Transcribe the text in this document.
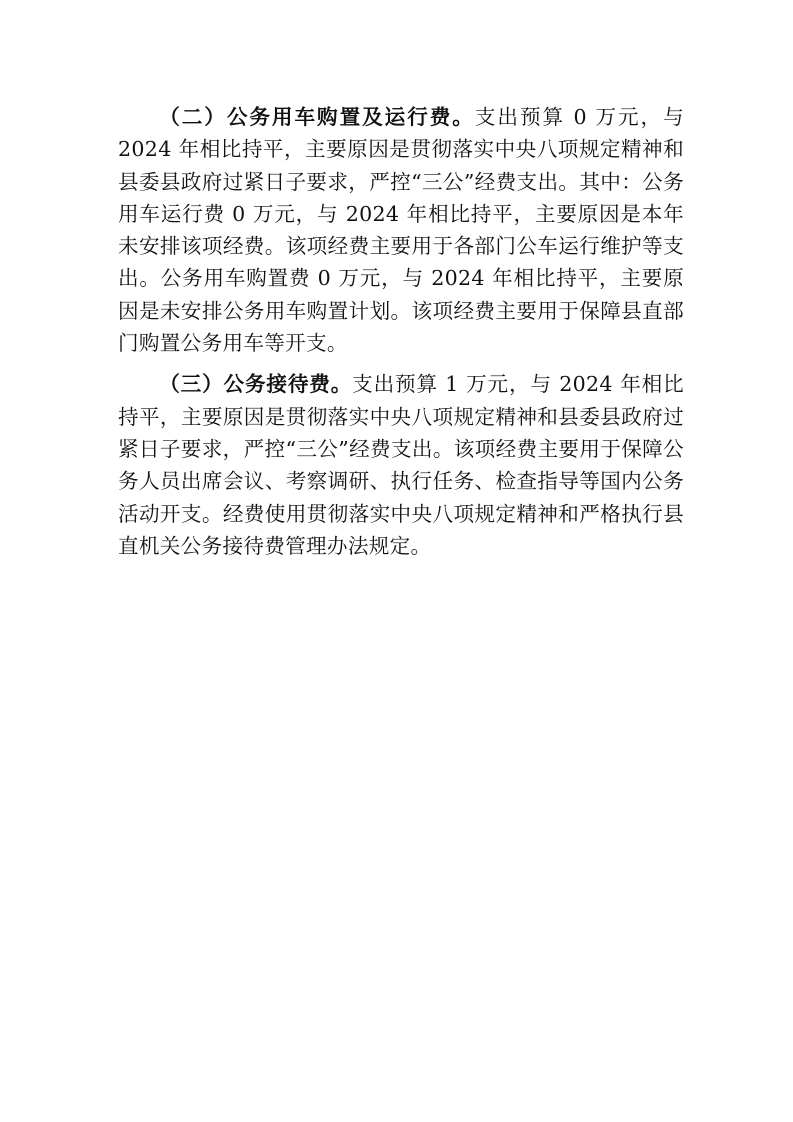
（二）公务用车购置及运行费。支出预算 0 万元，与 2024 年相比持平，主要原因是贯彻落实中央八项规定精神和县委县政府过紧日子要求，严控“三公”经费支出。其中：公务用车运行费 0 万元，与 2024 年相比持平，主要原因是本年未安排该项经费。该项经费主要用于各部门公车运行维护等支出。公务用车购置费 0 万元，与 2024 年相比持平，主要原因是未安排公务用车购置计划。该项经费主要用于保障县直部门购置公务用车等开支。

（三）公务接待费。支出预算 1 万元，与 2024 年相比持平，主要原因是贯彻落实中央八项规定精神和县委县政府过紧日子要求，严控“三公”经费支出。该项经费主要用于保障公务人员出席会议、考察调研、执行任务、检查指导等国内公务活动开支。经费使用贯彻落实中央八项规定精神和严格执行县直机关公务接待费管理办法规定。
